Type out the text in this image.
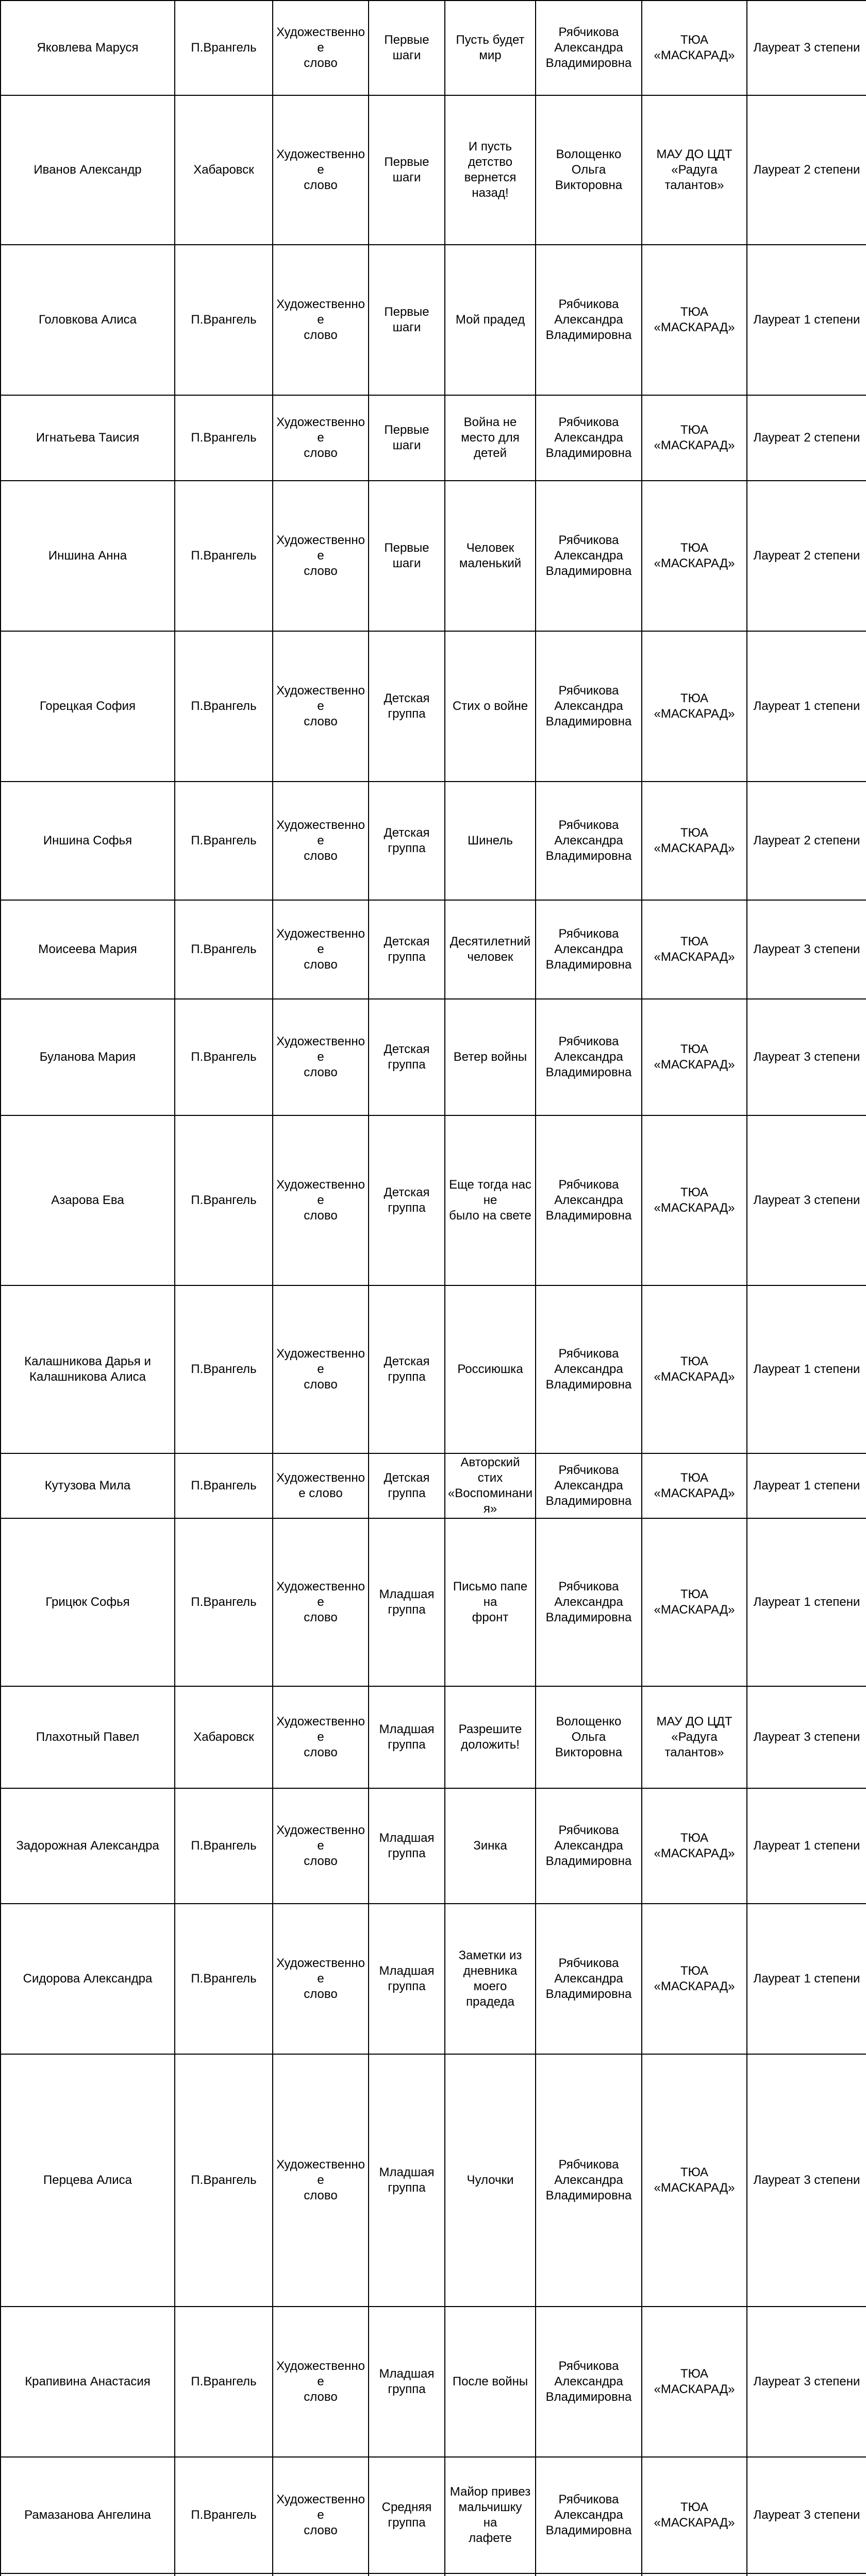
Яковлева Маруся	П.Врангель	Художественно
е
слово	Первые
шаги	Пусть будет
мир	Рябчикова
Александра
Владимировна	ТЮА
«МАСКАРАД»	Лауреат 3 степени

Иванов Александр	Хабаровск	Художественно
е
слово	Первые
шаги	И пусть
детство
вернется
назад!	Волощенко
Ольга
Викторовна	МАУ ДО ЦДТ
«Радуга
талантов»	Лауреат 2 степени

Головкова Алиса	П.Врангель	Художественно
е
слово	Первые
шаги	Мой прадед	Рябчикова
Александра
Владимировна	ТЮА
«МАСКАРАД»	Лауреат 1 степени

Игнатьева Таисия	П.Врангель	Художественно
е
слово	Первые
шаги	Война не
место для
детей	Рябчикова
Александра
Владимировна	ТЮА
«МАСКАРАД»	Лауреат 2 степени

Иншина Анна	П.Врангель	Художественно
е
слово	Первые
шаги	Человек
маленький	Рябчикова
Александра
Владимировна	ТЮА
«МАСКАРАД»	Лауреат 2 степени

Горецкая София	П.Врангель	Художественно
е
слово	Детская
группа	Стих о войне	Рябчикова
Александра
Владимировна	ТЮА
«МАСКАРАД»	Лауреат 1 степени

Иншина Софья	П.Врангель	Художественно
е
слово	Детская
группа	Шинель	Рябчикова
Александра
Владимировна	ТЮА
«МАСКАРАД»	Лауреат 2 степени

Моисеева Мария	П.Врангель	Художественно
е
слово	Детская
группа	Десятилетний
человек	Рябчикова
Александра
Владимировна	ТЮА
«МАСКАРАД»	Лауреат 3 степени

Буланова Мария	П.Врангель	Художественно
е
слово	Детская
группа	Ветер войны	Рябчикова
Александра
Владимировна	ТЮА
«МАСКАРАД»	Лауреат 3 степени

Азарова Ева	П.Врангель	Художественно
е
слово	Детская
группа	Еще тогда нас
не
было на свете	Рябчикова
Александра
Владимировна	ТЮА
«МАСКАРАД»	Лауреат 3 степени

Калашникова Дарья и
Калашникова Алиса	П.Врангель	Художественно
е
слово	Детская
группа	Россиюшка	Рябчикова
Александра
Владимировна	ТЮА
«МАСКАРАД»	Лауреат 1 степени

Кутузова Мила	П.Врангель	Художественно
е слово	Детская
группа	Авторский
стих
«Воспоминани
я»	Рябчикова
Александра
Владимировна	ТЮА
«МАСКАРАД»	Лауреат 1 степени

Грицюк Софья	П.Врангель	Художественно
е
слово	Младшая
группа	Письмо папе
на
фронт	Рябчикова
Александра
Владимировна	ТЮА
«МАСКАРАД»	Лауреат 1 степени

Плахотный Павел	Хабаровск	Художественно
е
слово	Младшая
группа	Разрешите
доложить!	Волощенко
Ольга
Викторовна	МАУ ДО ЦДТ
«Радуга
талантов»	Лауреат 3 степени

Задорожная Александра	П.Врангель	Художественно
е
слово	Младшая
группа	Зинка	Рябчикова
Александра
Владимировна	ТЮА
«МАСКАРАД»	Лауреат 1 степени

Сидорова Александра	П.Врангель	Художественно
е
слово	Младшая
группа	Заметки из
дневника
моего
прадеда	Рябчикова
Александра
Владимировна	ТЮА
«МАСКАРАД»	Лауреат 1 степени

Перцева Алиса	П.Врангель	Художественно
е
слово	Младшая
группа	Чулочки	Рябчикова
Александра
Владимировна	ТЮА
«МАСКАРАД»	Лауреат 3 степени

Крапивина Анастасия	П.Врангель	Художественно
е
слово	Младшая
группа	После войны	Рябчикова
Александра
Владимировна	ТЮА
«МАСКАРАД»	Лауреат 3 степени

Рамазанова Ангелина	П.Врангель	Художественно
е
слово	Средняя
группа	Майор привез
мальчишку
на
лафете	Рябчикова
Александра
Владимировна	ТЮА
«МАСКАРАД»	Лауреат 3 степени
